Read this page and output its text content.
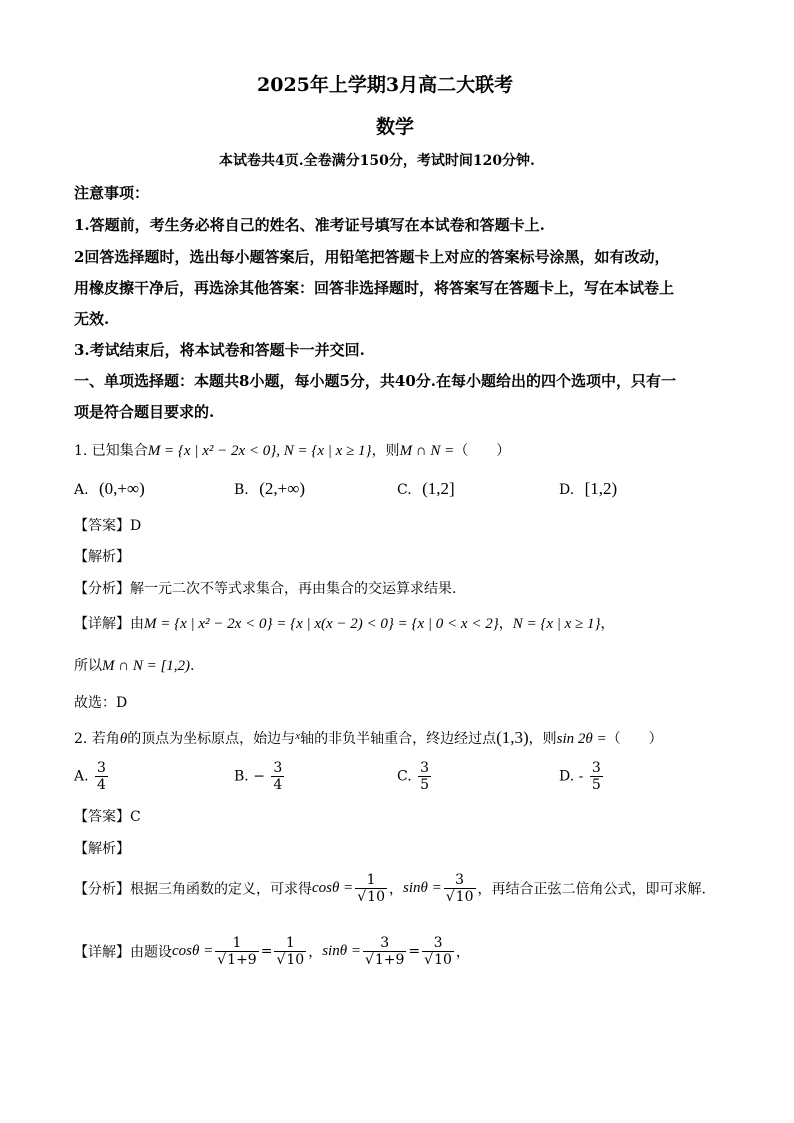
2025年上学期3月高二大联考
数学
本试卷共4页.全卷满分150分，考试时间120分钟.
注意事项：
1.答题前，考生务必将自己的姓名、准考证号填写在本试卷和答题卡上.
2回答选择题时，选出每小题答案后，用铅笔把答题卡上对应的答案标号涂黑，如有改动，
用橡皮擦干净后，再选涂其他答案：回答非选择题时，将答案写在答题卡上，写在本试卷上
无效.
3.考试结束后，将本试卷和答题卡一并交回.
一、单项选择题：本题共8小题，每小题5分，共40分.在每小题给出的四个选项中，只有一
项是符合题目要求的.
1. 已知集合M = {x | x² − 2x < 0}, N = {x | x ≥ 1}，则M ∩ N =（　　）
A. (0,+∞)	B. (2,+∞)	C. (1,2]	D. [1,2)
【答案】D
【解析】
【分析】解一元二次不等式求集合，再由集合的交运算求结果.
【详解】由M = {x | x² − 2x < 0} = {x | x(x − 2) < 0} = {x | 0 < x < 2}，N = {x | x ≥ 1}，
所以M ∩ N = [1,2).
故选：D
2. 若角θ的顶点为坐标原点，始边与$^x$轴的非负半轴重合，终边经过点(1,3)，则sin 2θ =（　　）
A. $\frac{3}{4}$	B. − $\frac{3}{4}$	C. $\frac{3}{5}$	D. - $\frac{3}{5}$
【答案】C
【解析】
【分析】根据三角函数的定义，可求得$\cos\theta = \frac{1}{√10}$ ，$\sin\theta = \frac{3}{√10}$ ，再结合正弦二倍角公式，即可求解.
【详解】由题设$\cos\theta = \frac{1}{√1+9} = \frac{1}{√10}$ ，$\sin\theta = \frac{3}{√1+9} = \frac{3}{√10}$ ，
